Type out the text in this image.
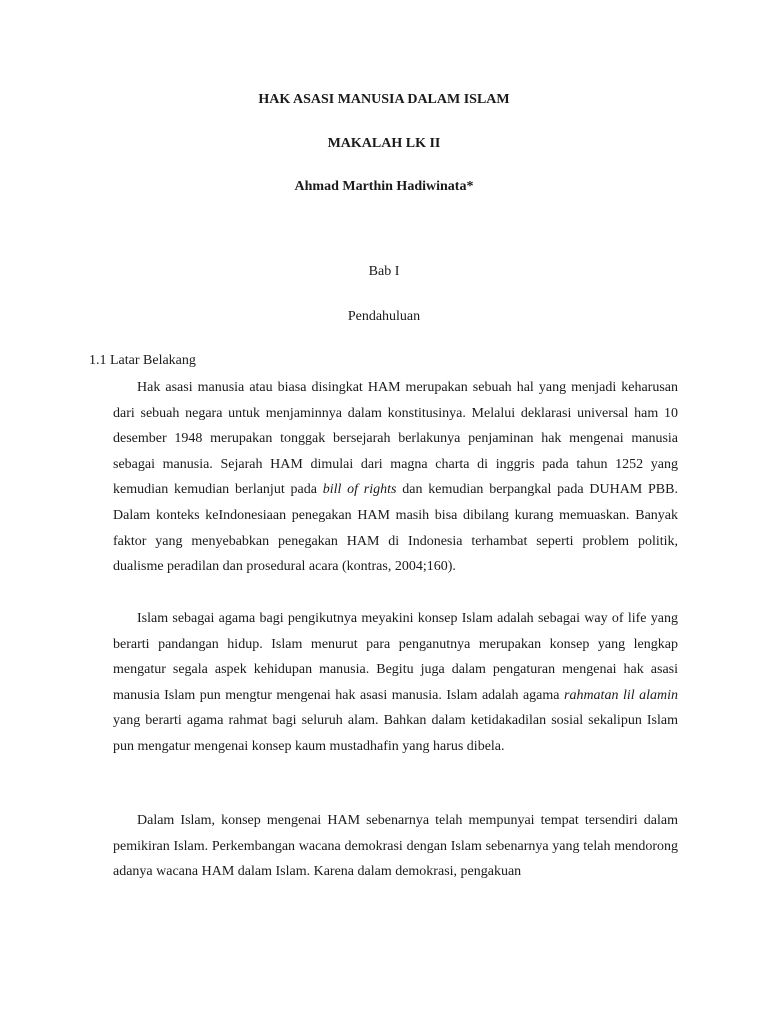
HAK ASASI MANUSIA DALAM ISLAM
MAKALAH LK II
Ahmad Marthin Hadiwinata*
Bab I
Pendahuluan
1.1 Latar Belakang

Hak asasi manusia atau biasa disingkat HAM merupakan sebuah hal yang menjadi keharusan dari sebuah negara untuk menjaminnya dalam konstitusinya. Melalui deklarasi universal ham 10 desember 1948 merupakan tonggak bersejarah berlakunya penjaminan hak mengenai manusia sebagai manusia. Sejarah HAM dimulai dari magna charta di inggris pada tahun 1252 yang kemudian kemudian berlanjut pada bill of rights dan kemudian berpangkal pada DUHAM PBB. Dalam konteks keIndonesiaan penegakan HAM masih bisa dibilang kurang memuaskan. Banyak faktor yang menyebabkan penegakan HAM di Indonesia terhambat seperti problem politik, dualisme peradilan dan prosedural acara (kontras, 2004;160).

Islam sebagai agama bagi pengikutnya meyakini konsep Islam adalah sebagai way of life yang berarti pandangan hidup. Islam menurut para penganutnya merupakan konsep yang lengkap mengatur segala aspek kehidupan manusia. Begitu juga dalam pengaturan mengenai hak asasi manusia Islam pun mengtur mengenai hak asasi manusia. Islam adalah agama rahmatan lil alamin yang berarti agama rahmat bagi seluruh alam. Bahkan dalam ketidakadilan sosial sekalipun Islam pun mengatur mengenai konsep kaum mustadhafin yang harus dibela.

Dalam Islam, konsep mengenai HAM sebenarnya telah mempunyai tempat tersendiri dalam pemikiran Islam. Perkembangan wacana demokrasi dengan Islam sebenarnya yang telah mendorong adanya wacana HAM dalam Islam. Karena dalam demokrasi, pengakuan
